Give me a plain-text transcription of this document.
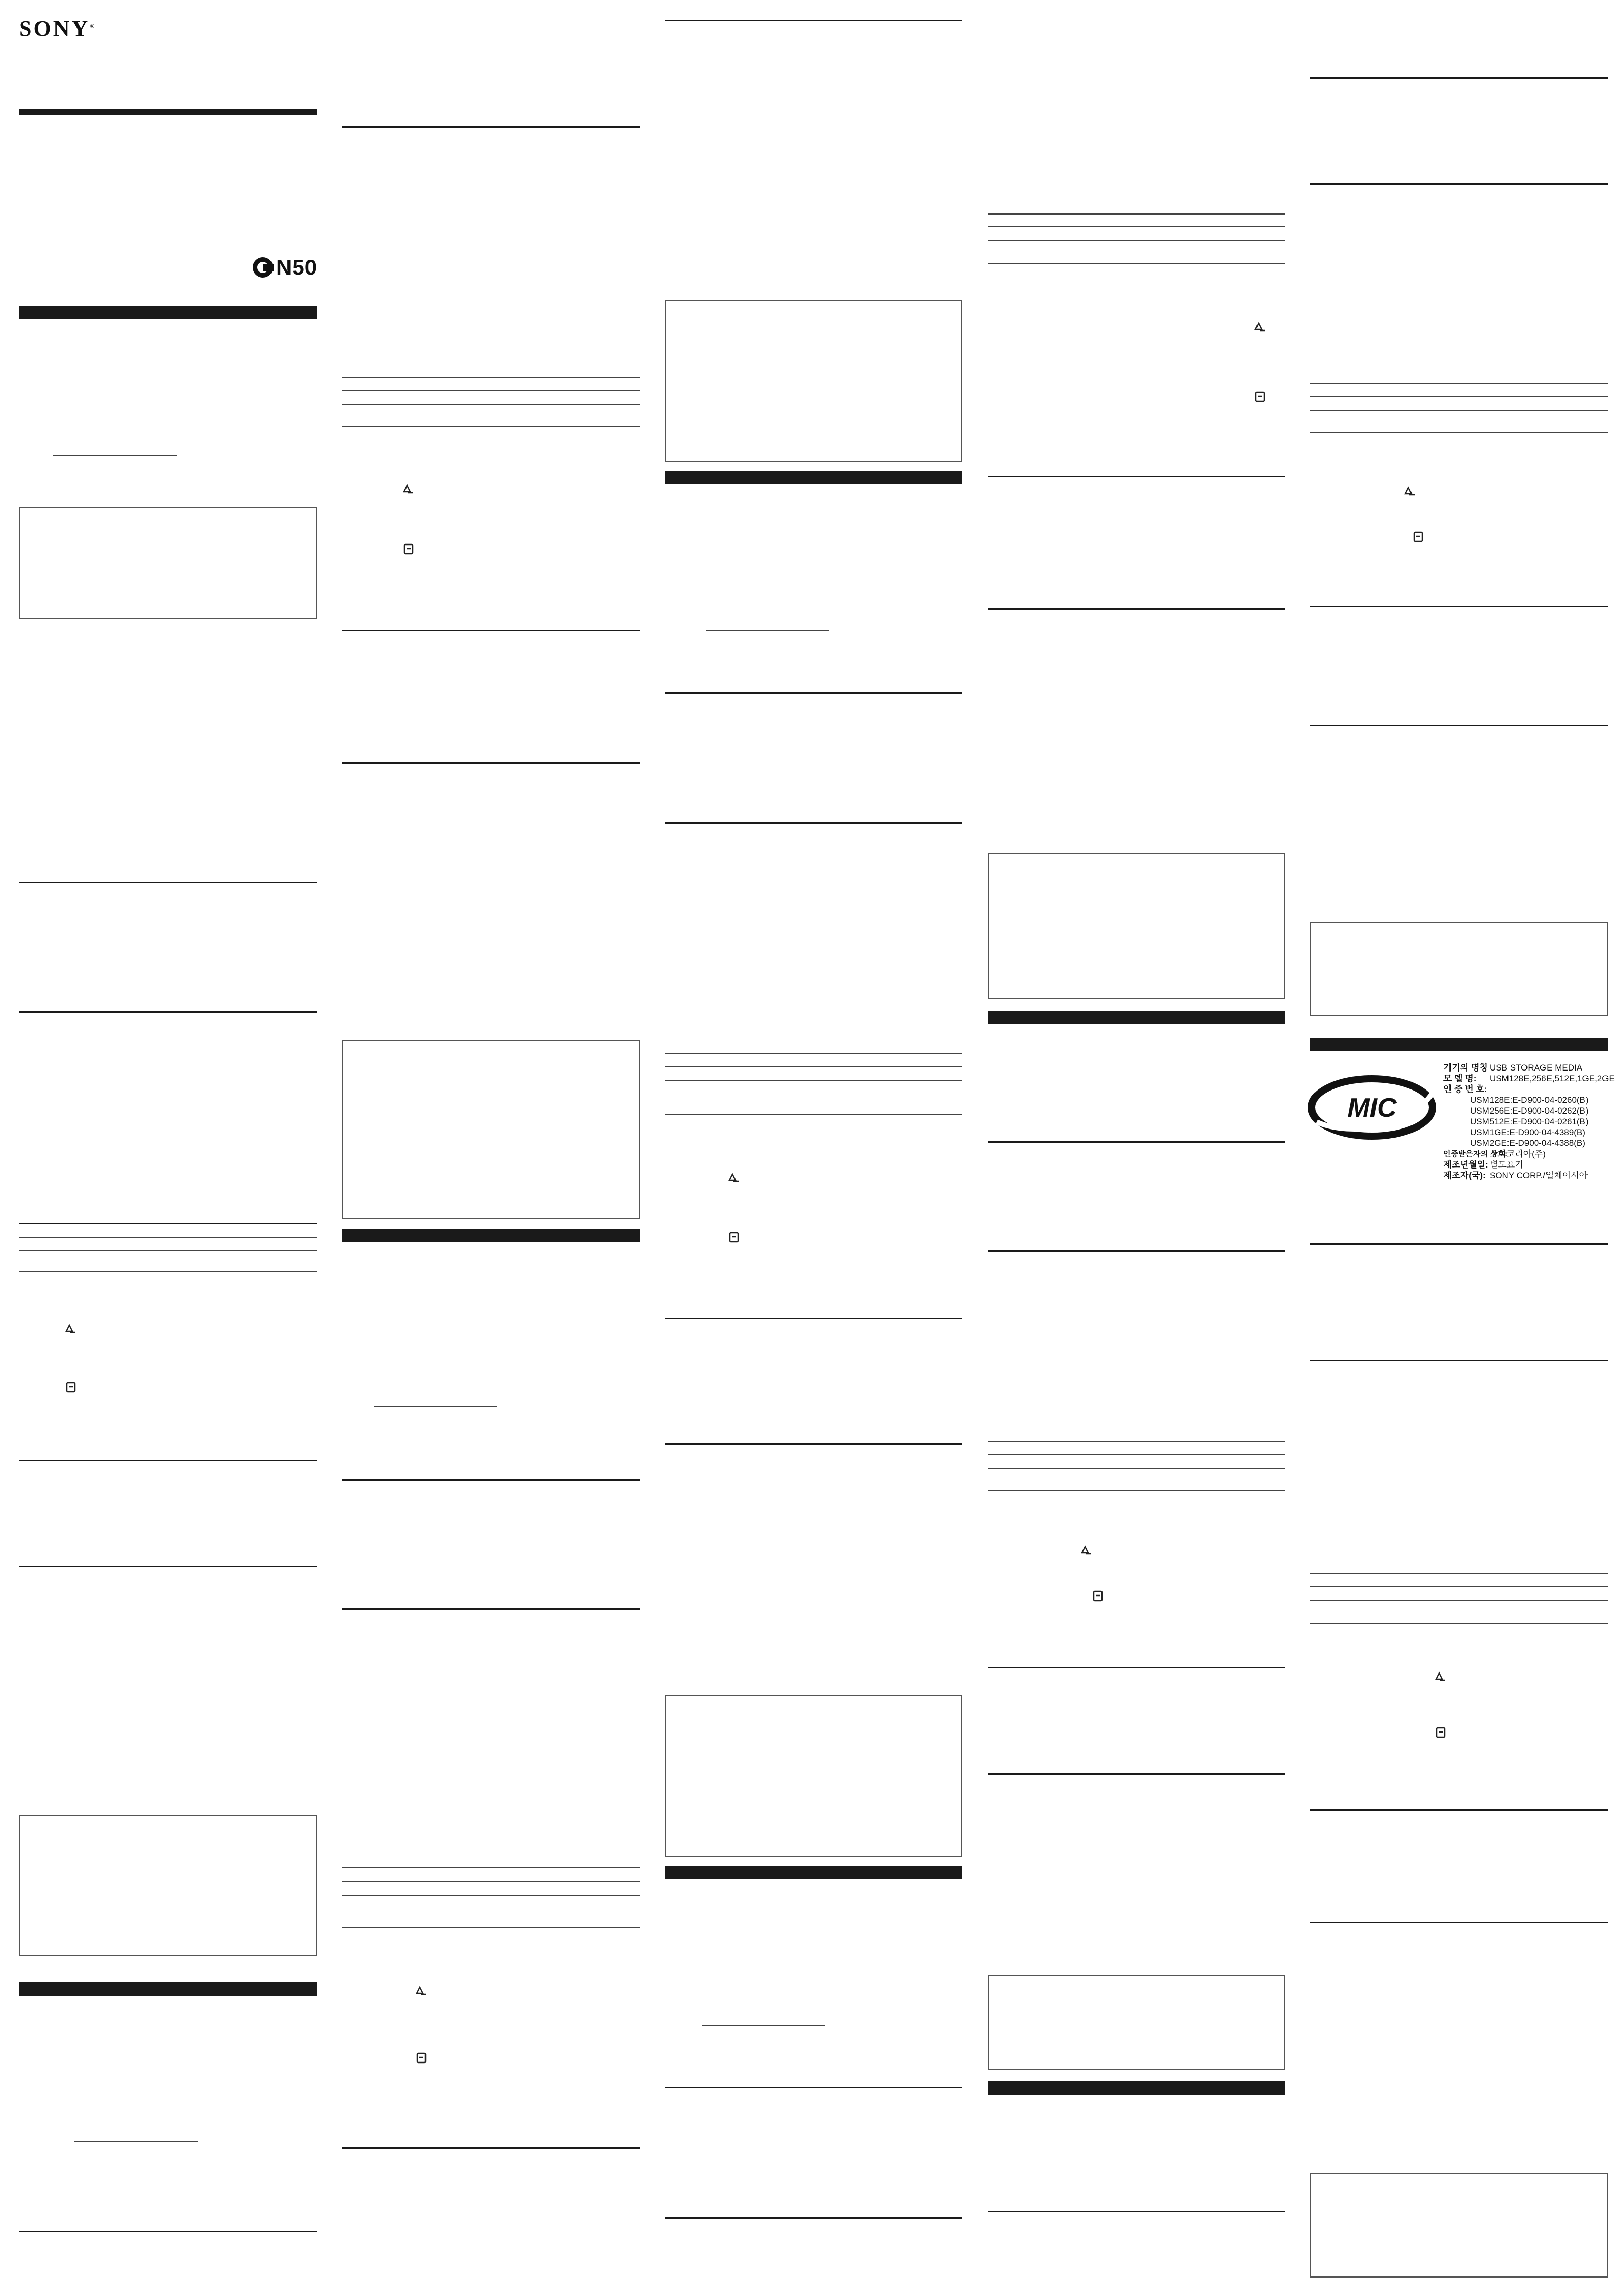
SONY®
N50
MIC
기기의 명칭 USB STORAGE MEDIA
모 델 명:	USM128E,256E,512E,1GE,2GE
인 증 번 호:
USM128E:E-D900-04-0260(B)
USM256E:E-D900-04-0262(B)
USM512E:E-D900-04-0261(B)
USM1GE:E-D900-04-4389(B)
USM2GE:E-D900-04-4388(B)
인증받은자의 상호:
소니코리아(주)
제조년월일: 별도표기
제조자(국): SONY CORP./일체이시아
